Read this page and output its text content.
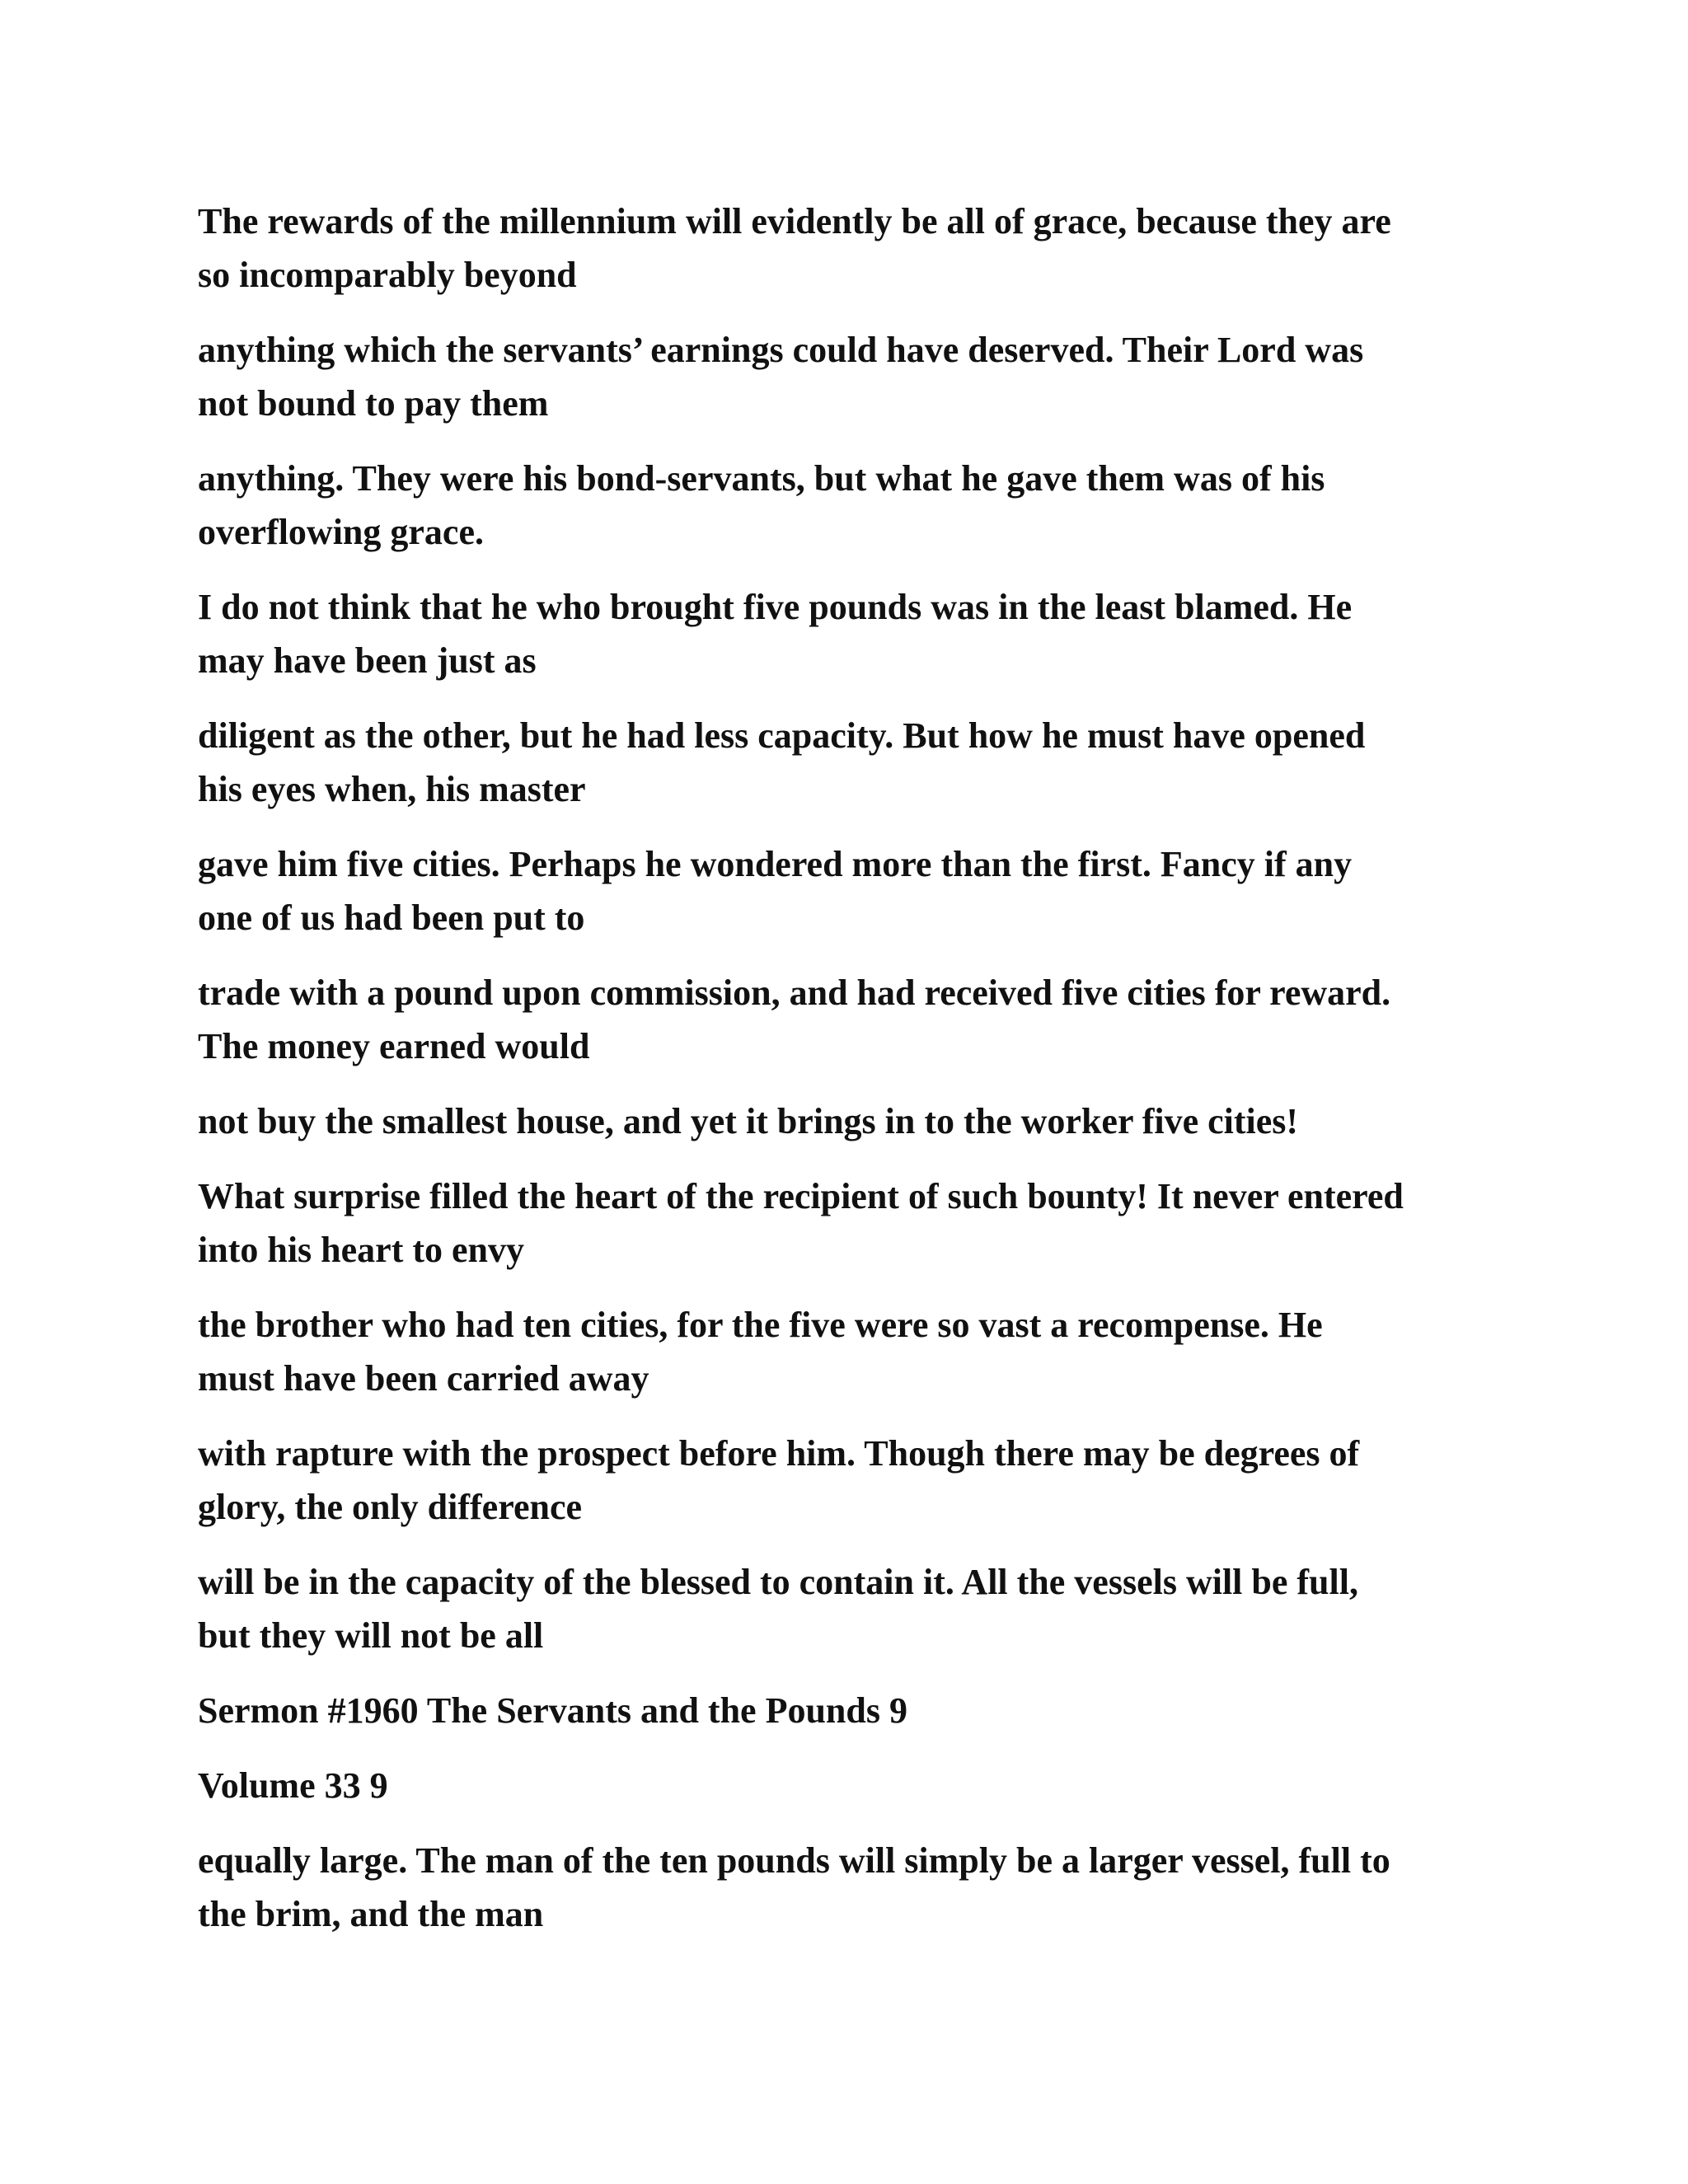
The rewards of the millennium will evidently be all of grace, because they are
so incomparably beyond

anything which the servants’ earnings could have deserved. Their Lord was
not bound to pay them

anything. They were his bond-servants, but what he gave them was of his
overflowing grace.

I do not think that he who brought five pounds was in the least blamed. He
may have been just as

diligent as the other, but he had less capacity. But how he must have opened
his eyes when, his master

gave him five cities. Perhaps he wondered more than the first. Fancy if any
one of us had been put to

trade with a pound upon commission, and had received five cities for reward.
The money earned would

not buy the smallest house, and yet it brings in to the worker five cities!

What surprise filled the heart of the recipient of such bounty! It never entered
into his heart to envy

the brother who had ten cities, for the five were so vast a recompense. He
must have been carried away

with rapture with the prospect before him. Though there may be degrees of
glory, the only difference

will be in the capacity of the blessed to contain it. All the vessels will be full,
but they will not be all

Sermon #1960 The Servants and the Pounds 9

Volume 33 9

equally large. The man of the ten pounds will simply be a larger vessel, full to
the brim, and the man
